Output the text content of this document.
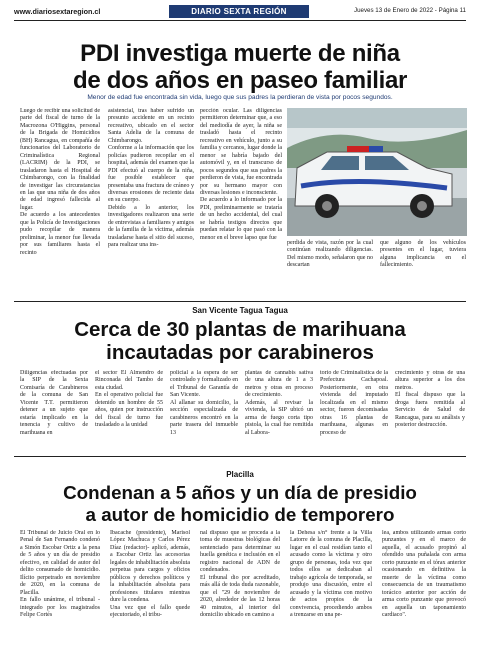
www.diariosextaregion.cl	DIARIO SEXTA REGIÓN	Jueves 13 de Enero de 2022 - Página 11
PDI investiga muerte de niña
de dos años en paseo familiar
Menor de edad fue encontrada sin vida, luego que sus padres la perdieran de vista por pocos segundos.
Luego de recibir una solicitud de parte del fiscal de turno de la Macrozona O'Higgins, personal de la Brigada de Homicidios (BH) Rancagua, en compañía de funcionarios del Laboratorio de Criminalística Regional (LACRIM) de la PDI, se trasladaron hasta el Hospital de Chimbarongo, con la finalidad de investigar las circunstancias en las que una niña de dos años de edad ingresó fallecida al lugar.
De acuerdo a los antecedentes que la Policía de Investigaciones pudo recopilar de manera preliminar, la menor fue llevada por sus familiares hasta el recinto
asistencial, tras haber sufrido un presunto accidente en un recinto recreativo, ubicado en el sector Santa Adelia de la comuna de Chimbarongo.
Conforme a la información que los policías pudieron recopilar en el hospital, además del examen que la PDI efectuó al cuerpo de la niña, fue posible establecer que presentaba una fractura de cráneo y diversas erosiones de reciente data en su cuerpo.
Debido a lo anterior, los investigadores realizaron una serie de entrevistas a familiares y amigos de la familia de la víctima, además trasladarse hasta el sitio del suceso, para realizar una ins-
pección ocular. Las diligencias permitieron determinar que, a eso del mediodía de ayer, la niña se trasladó hasta el recinto recreativo en vehículo, junto a su familia y cercanos, lugar donde la menor se habría bajado del automóvil y, en el transcurso de pocos segundos que sus padres la perdieron de vista, fue encontrada por su hermano mayor con diversas lesiones e inconsciente.
De acuerdo a lo informado por la PDI, preliminarmente se trataría de un hecho accidental, del cual se habría testigos directos que puedan relatar lo que pasó con la menor en el breve lapso que fue
perdida de vista, razón por la cual continúan realizando diligencias. Del mismo modo, señalaron que no descartan
que alguno de los vehículos presentes en el lugar, tuviera alguna implicancia en el fallecimiento.
San Vicente Tagua Tagua
Cerca de 30 plantas de marihuana
incautadas por carabineros
Diligencias efectuadas por la SIP de la Sexta Comisaría de Carabineros de la comuna de San Vicente T.T. permitieron detener a un sujeto que estaría implicado en la tenencia y cultivo de marihuana en
el sector El Almendro de Rinconada del Tambo de esta ciudad.
En el operativo policial fue detenido un hombre de 55 años, quien por instrucción del fiscal de turno fue trasladado a la unidad
policial a la espera de ser controlado y formalizado en el Tribunal de Garantía de San Vicente.
Al allanar su domicilio, la sección especializada de carabineros encontró en la parte trasera del inmueble 13
plantas de cannabis sativa de una altura de 1 a 3 metros y otras en proceso de crecimiento.
Además, al revisar la vivienda, la SIP ubicó un arma de fuego corta tipo pistola, la cual fue remitida al Labora-
torio de Criminalística de la Prefectura Cachapoal. Posteriormente, en otra vivienda del imputado localizada en el mismo sector, fueron decomisadas otras 16 plantas de marihuana, algunas en proceso de
crecimiento y otras de una altura superior a los dos metros.
El fiscal dispuso que la droga fuera remitida al Servicio de Salud de Rancagua, para su análisis y posterior destrucción.
Placilla
Condenan a 5 años y un día de presidio
a autor de homicidio de temporero
El Tribunal de Juicio Oral en lo Penal de San Fernando condenó a Simón Escobar Ortiz a la pena de 5 años y un día de presidio efectivo, en calidad de autor del delito consumado de homicidio. Ilícito perpetrado en noviembre de 2020, en la comuna de Placilla.
En fallo unánime, el tribunal -integrado por los magistrados Felipe Cortés
Ibacache (presidente), Marisol López Machuca y Carlos Pérez Díaz (redactor)- aplicó, además, a Escobar Ortiz las accesorias legales de inhabilitación absoluta perpetua para cargos y oficios públicos y derechos políticos y la inhabilitación absoluta para profesiones titulares mientras dure la condena.
Una vez que el fallo quede ejecutoriado, el tribu-
nal dispuso que se proceda a la toma de muestras biológicas del sentenciado para determinar su huella genética e inclusión en el registro nacional de ADN de condenados.
El tribunal dio por acreditado, más allá de toda duda razonable, que el "29 de noviembre de 2020, alrededor de las 12 horas 40 minutos, al interior del domicilio ubicado en camino a
la Dehesa s/n° frente a la Villa Latorre de la comuna de Placilla, lugar en el cual residían tanto el acusado como la víctima y otro grupo de personas, toda vez que todos ellos se dedicaban al trabajo agrícola de temporada, se produjo una discusión, entre el acusado y la víctima con motivo de actos propios de la convivencia, procediendo ambos a trenzarse en una pe-
lea, ambos utilizando armas corto punzantes y en el marco de aquella, el acusado propinó al ofendido una puñalada con arma corto punzante en el tórax anterior ocasionando en definitiva la muerte de la víctima como consecuencia de un traumatismo torácico anterior por acción de arma corto punzante que provocó en aquella un taponamiento cardiaco".
